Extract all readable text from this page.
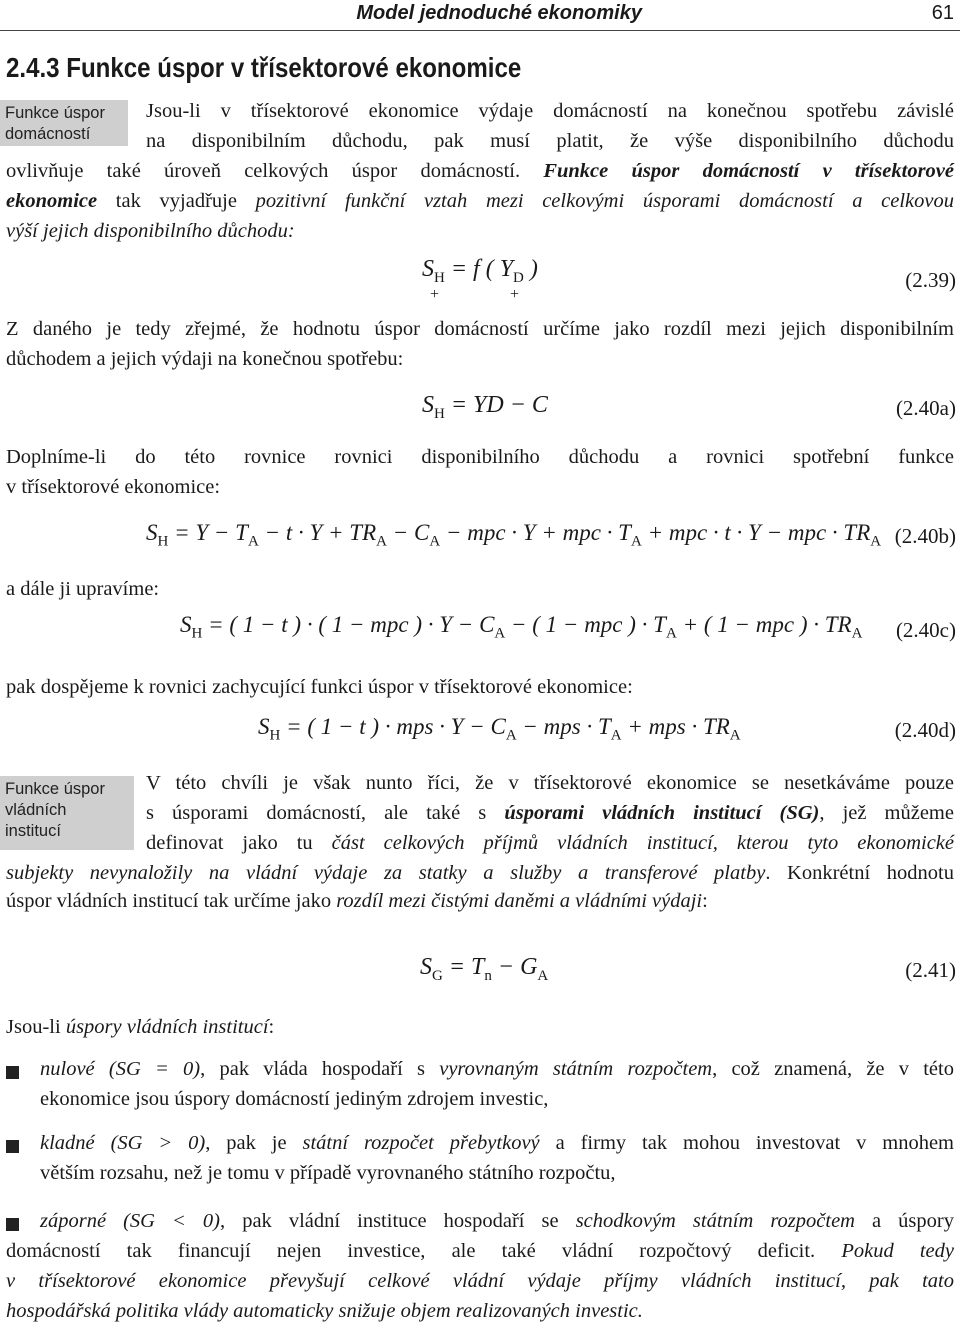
Model jednoduché ekonomiky	61
2.4.3 Funkce úspor v třísektorové ekonomice
Funkce úspor
domácností
Jsou-li v třísektorové ekonomice výdaje domácností na konečnou spotřebu závislé
na disponibilním důchodu, pak musí platit, že výše disponibilního důchodu
ovlivňuje také úroveň celkových úspor domácností. Funkce úspor domácností v třísektorové
ekonomice tak vyjadřuje pozitivní funkční vztah mezi celkovými úsporami domácností a celkovou
výší jejich disponibilního důchodu:
$S_H = f$ ( $Y_D$ )
+	+
(2.39)
Z daného je tedy zřejmé, že hodnotu úspor domácností určíme jako rozdíl mezi jejich disponibilním
důchodem a jejich výdaji na konečnou spotřebu:
$S_H$ = YD − C	(2.40a)
Doplníme-li do této rovnice rovnici disponibilního důchodu a rovnici spotřební funkce
v třísektorové ekonomice:
$S_H = Y - T_A - t \cdot Y + TR_A - C_A$ − mpc · Y + mpc · $T_A$ + mpc · t · Y − mpc · $TR_A$ (2.40b)
a dále ji upravíme:
$S_H$ = ( 1 − t ) · ( 1 − mpc ) · $Y - C_A$ − ( 1 − mpc ) · $T_A$ + ( 1 − mpc ) · $TR_A$ (2.40c)
pak dospějeme k rovnici zachycující funkci úspor v třísektorové ekonomice:
$S_H$ = ( 1 − t ) · mps · $Y - C_A$ − mps · $T_A$ + mps · $TR_A$	(2.40d)
Funkce úspor
vládních
institucí
V této chvíli je však nunto říci, že v třísektorové ekonomice se nesetkáváme pouze
s úsporami domácností, ale také s úsporami vládních institucí (SG), jež můžeme
definovat jako tu část celkových příjmů vládních institucí, kterou tyto ekonomické
subjekty nevynaložily na vládní výdaje za statky a služby a transferové platby. Konkrétní hodnotu
úspor vládních institucí tak určíme jako rozdíl mezi čistými daněmi a vládními výdaji:
$S_G = T_n - G_A$	(2.41)
Jsou-li úspory vládních institucí:
nulové (SG = 0), pak vláda hospodaří s vyrovnaným státním rozpočtem, což znamená, že v této
ekonomice jsou úspory domácností jediným zdrojem investic,
kladné (SG > 0), pak je státní rozpočet přebytkový a firmy tak mohou investovat v mnohem
větším rozsahu, než je tomu v případě vyrovnaného státního rozpočtu,
záporné (SG < 0), pak vládní instituce hospodaří se schodkovým státním rozpočtem a úspory
domácností tak financují nejen investice, ale také vládní rozpočtový deficit. Pokud tedy
v třísektorové ekonomice převyšují celkové vládní výdaje příjmy vládních institucí, pak tato
hospodářská politika vlády automaticky snižuje objem realizovaných investic.
